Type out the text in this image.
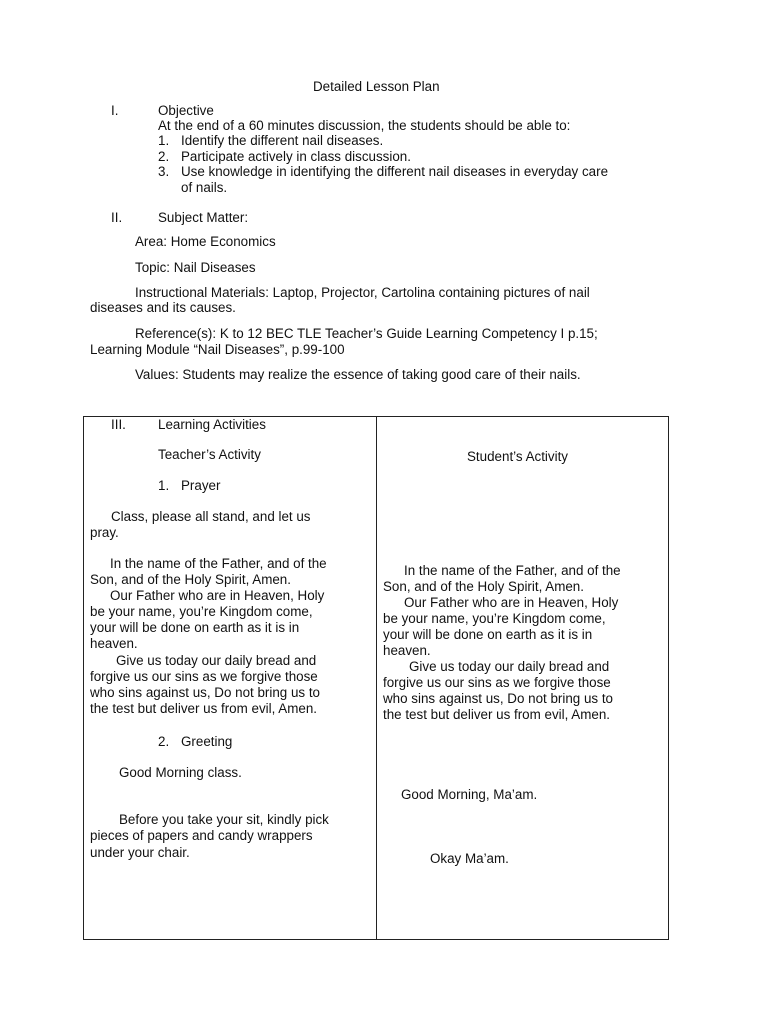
Detailed Lesson Plan
I.	Objective
At the end of a 60 minutes discussion, the students should be able to:
1. Identify the different nail diseases.
2. Participate actively in class discussion.
3. Use knowledge in identifying the different nail diseases in everyday care
of nails.
II.	Subject Matter:
Area: Home Economics
Topic: Nail Diseases
Instructional Materials: Laptop, Projector, Cartolina containing pictures of nail
diseases and its causes.
Reference(s): K to 12 BEC TLE Teacher’s Guide Learning Competency I p.15;
Learning Module “Nail Diseases”, p.99-100
Values: Students may realize the essence of taking good care of their nails.
III. Learning Activities
Teacher’s Activity
1. Prayer
Class, please all stand, and let us
pray.
In the name of the Father, and of the
Son, and of the Holy Spirit, Amen.
Our Father who are in Heaven, Holy
be your name, you’re Kingdom come,
your will be done on earth as it is in
heaven.
Give us today our daily bread and
forgive us our sins as we forgive those
who sins against us, Do not bring us to
the test but deliver us from evil, Amen.
2. Greeting
Good Morning class.
Before you take your sit, kindly pick
pieces of papers and candy wrappers
under your chair.
Student’s Activity
In the name of the Father, and of the
Son, and of the Holy Spirit, Amen.
Our Father who are in Heaven, Holy
be your name, you’re Kingdom come,
your will be done on earth as it is in
heaven.
Give us today our daily bread and
forgive us our sins as we forgive those
who sins against us, Do not bring us to
the test but deliver us from evil, Amen.
Good Morning, Ma’am.
Okay Ma’am.
